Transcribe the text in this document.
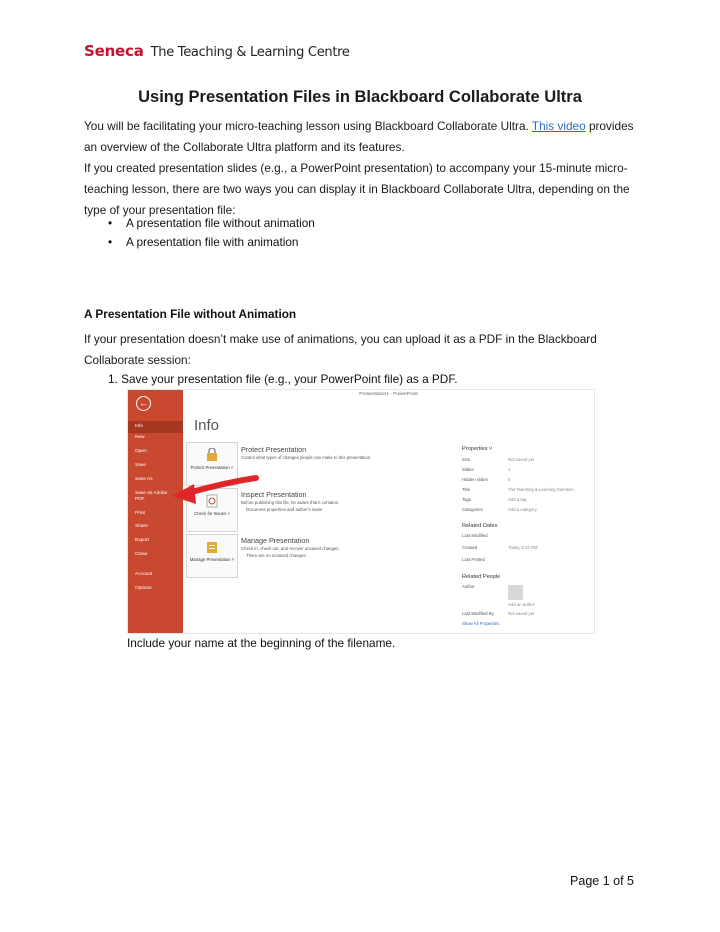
Seneca The Teaching & Learning Centre
Using Presentation Files in Blackboard Collaborate Ultra
You will be facilitating your micro-teaching lesson using Blackboard Collaborate Ultra. This video provides an overview of the Collaborate Ultra platform and its features.
If you created presentation slides (e.g., a PowerPoint presentation) to accompany your 15-minute micro-teaching lesson, there are two ways you can display it in Blackboard Collaborate Ultra, depending on the type of your presentation file:
• A presentation file without animation
• A presentation file with animation
A Presentation File without Animation
If your presentation doesn’t make use of animations, you can upload it as a PDF in the Blackboard Collaborate session:
1. Save your presentation file (e.g., your PowerPoint file) as a PDF.
←
Info
New
Open
Save
Save As
Save as Adobe PDF
Print
Share
Export
Close
Account
Options
Presentation1 - PowerPoint
Info
Protect Presentation ˅
Protect Presentation
Control what types of changes people can make to this presentation.
Check for Issues ˅
Inspect Presentation
Before publishing this file, be aware that it contains:
Document properties and author's name
Manage Presentation ˅
Manage Presentation
Check in, check out, and recover unsaved changes.
There are no unsaved changes.
Properties ˅
Size	Not saved yet
Slides	1
Hidden slides	0
Title	The Teaching & Learning Summer...
Tags	Add a tag
Categories	Add a category
Related Dates
Last Modified
Created	Today, 5:32 PM
Last Printed
Related People
Author
Add an author
Last Modified By	Not saved yet
Show All Properties
Include your name at the beginning of the filename.
Page 1 of 5
